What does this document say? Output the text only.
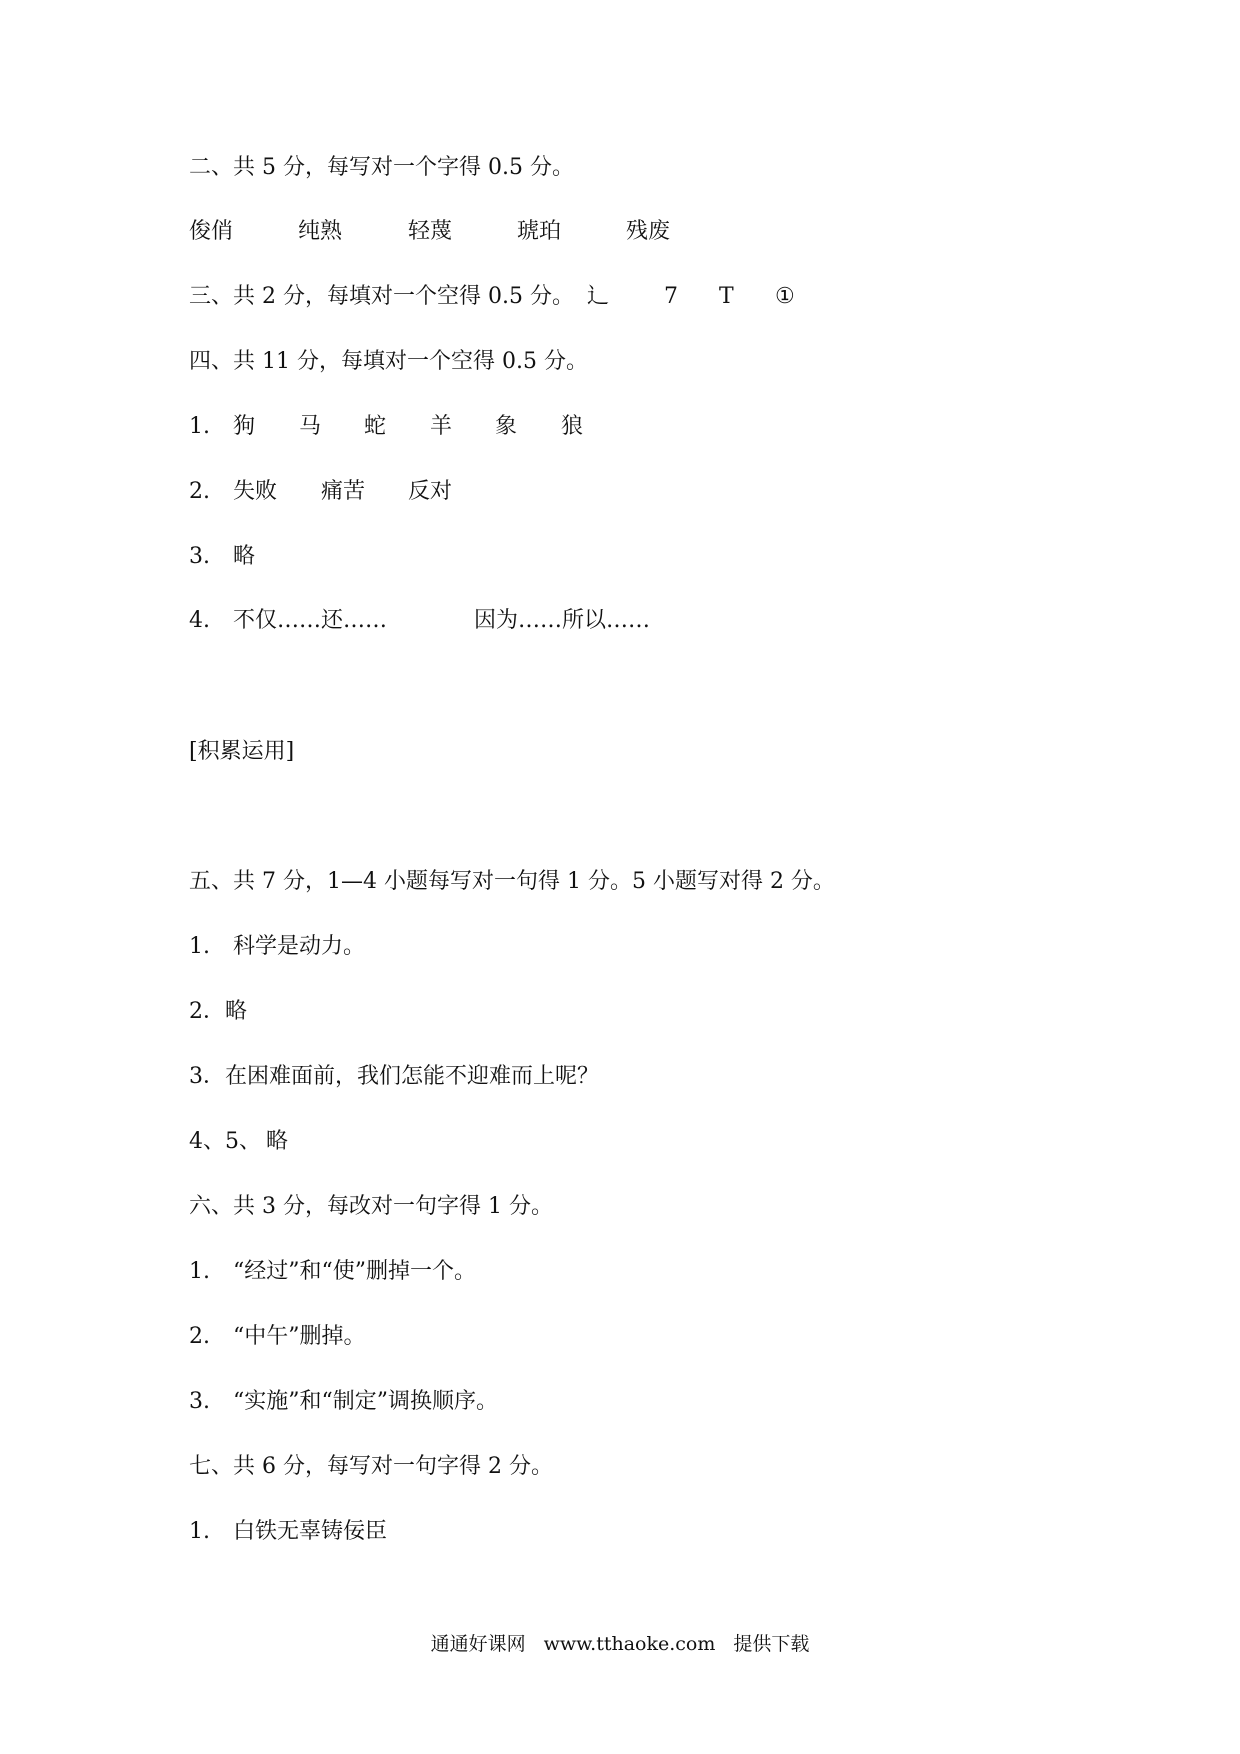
二、共 5 分，每写对一个字得 0.5 分。
俊俏	纯熟	轻蔑	琥珀	残废
三、共 2 分，每填对一个空得 0.5 分。 辶 7 T ①
四、共 11 分，每填对一个空得 0.5 分。
1. 狗 马 蛇 羊 象 狼
2. 失败 痛苦 反对
3. 略
4. 不仅……还……	因为……所以……
[积累运用]
五、共 7 分，1—4 小题每写对一句得 1 分。5 小题写对得 2 分。
1. 科学是动力。
2．略
3．在困难面前，我们怎能不迎难而上呢？
4、5、 略
六、共 3 分，每改对一句字得 1 分。
1. “经过”和“使”删掉一个。
2. “中午”删掉。
3. “实施”和“制定”调换顺序。
七、共 6 分，每写对一句字得 2 分。
1. 白铁无辜铸佞臣
通通好课网 www.tthaoke.com 提供下载
